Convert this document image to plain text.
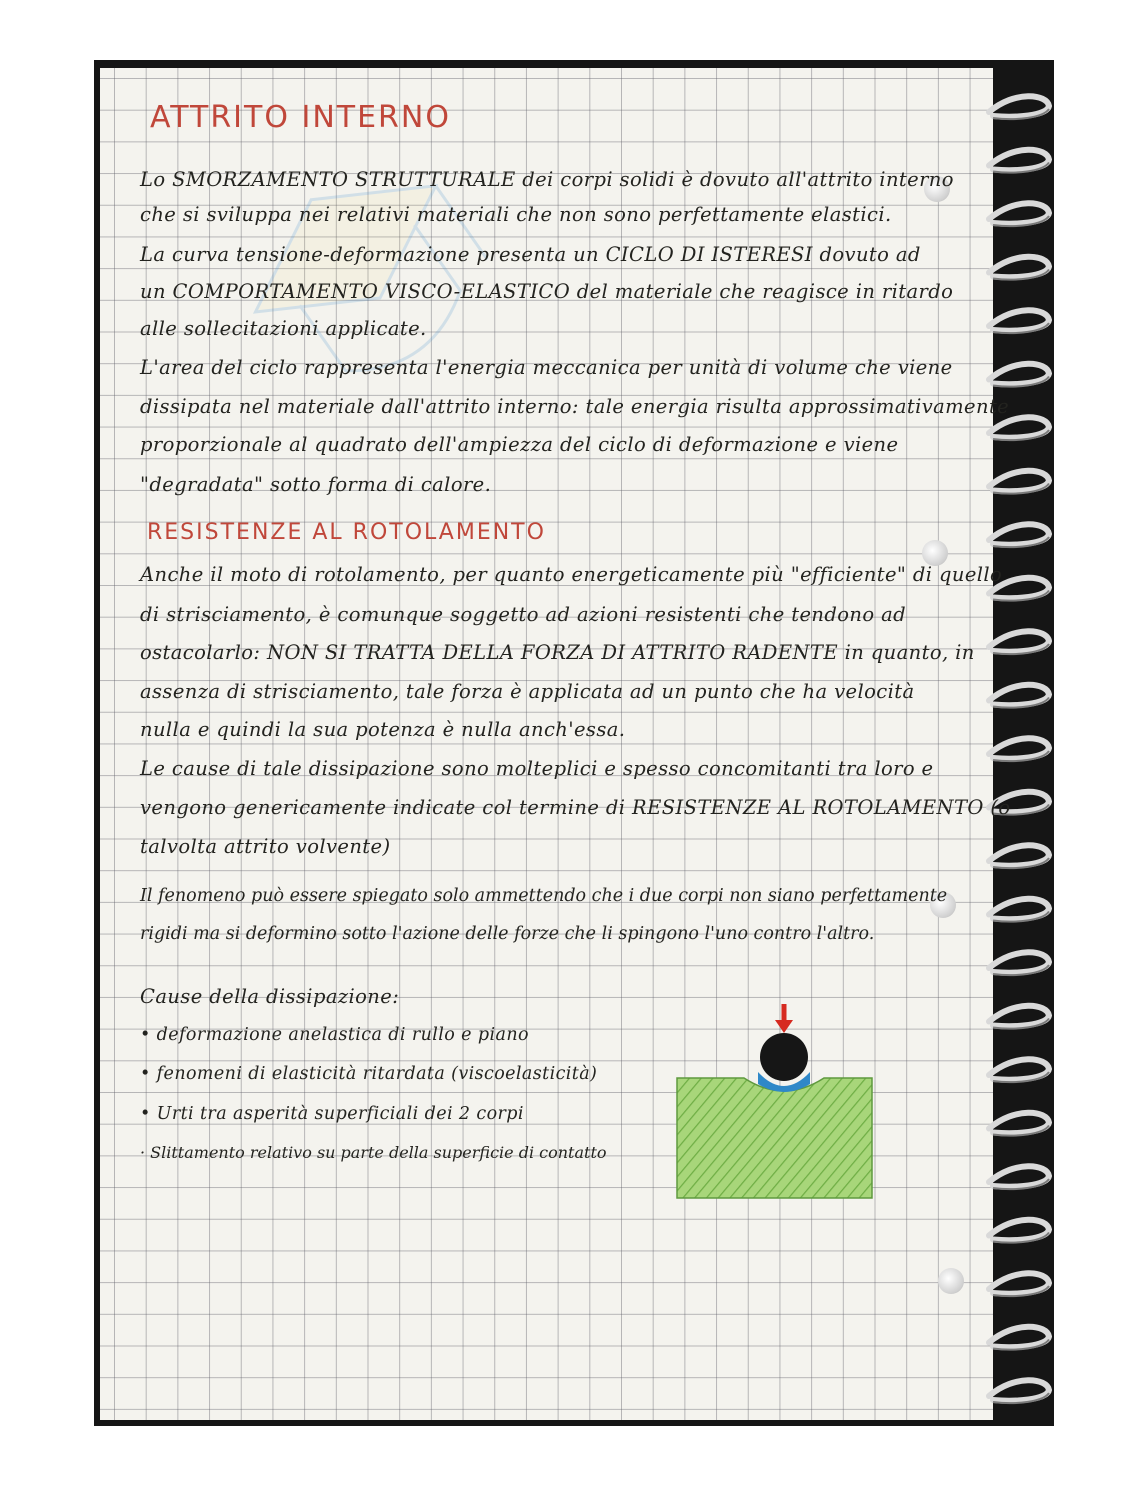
ATTRITO INTERNO
Lo SMORZAMENTO STRUTTURALE dei corpi solidi è dovuto all'attrito interno
che si sviluppa nei relativi materiali che non sono perfettamente elastici.
La curva tensione-deformazione presenta un CICLO DI ISTERESI dovuto ad
un COMPORTAMENTO VISCO-ELASTICO del materiale che reagisce in ritardo
alle sollecitazioni applicate.
L'area del ciclo rappresenta l'energia meccanica per unità di volume che viene
dissipata nel materiale dall'attrito interno: tale energia risulta approssimativamente
proporzionale al quadrato dell'ampiezza del ciclo di deformazione e viene
"degradata" sotto forma di calore.
RESISTENZE AL ROTOLAMENTO
Anche il moto di rotolamento, per quanto energeticamente più "efficiente" di quello
di strisciamento, è comunque soggetto ad azioni resistenti che tendono ad
ostacolarlo: NON SI TRATTA DELLA FORZA DI ATTRITO RADENTE in quanto, in
assenza di strisciamento, tale forza è applicata ad un punto che ha velocità
nulla e quindi la sua potenza è nulla anch'essa.
Le cause di tale dissipazione sono molteplici e spesso concomitanti tra loro e
vengono genericamente indicate col termine di RESISTENZE AL ROTOLAMENTO (o
talvolta attrito volvente)
Il fenomeno può essere spiegato solo ammettendo che i due corpi non siano perfettamente
rigidi ma si deformino sotto l'azione delle forze che li spingono l'uno contro l'altro.
Cause della dissipazione:
• deformazione anelastica di rullo e piano
• fenomeni di elasticità ritardata (viscoelasticità)
• Urti tra asperità superficiali dei 2 corpi
· Slittamento relativo su parte della superficie di contatto
